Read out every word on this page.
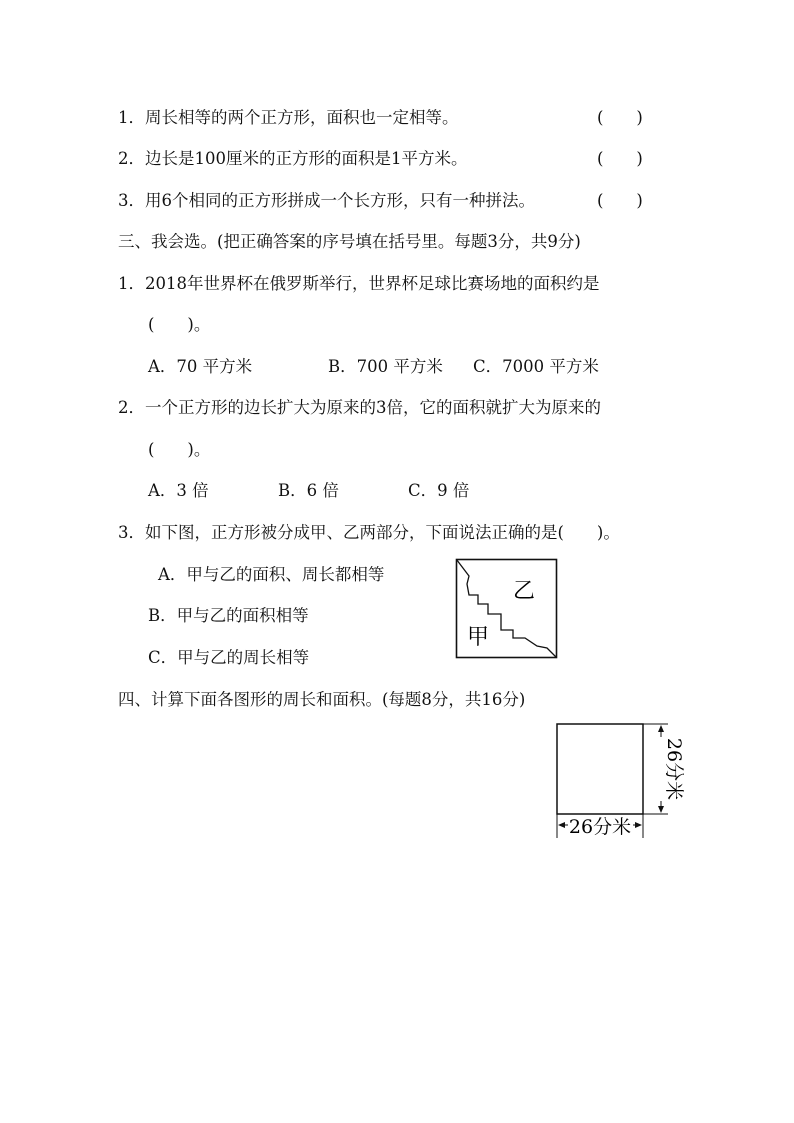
1．周长相等的两个正方形，面积也一定相等。	(　　)
2．边长是100厘米的正方形的面积是1平方米。	(　　)
3．用6个相同的正方形拼成一个长方形，只有一种拼法。	(　　)
三、我会选。(把正确答案的序号填在括号里。每题3分，共9分)
1．2018年世界杯在俄罗斯举行，世界杯足球比赛场地的面积约是
(　　)。
A．70 平方米	B．700 平方米 C．7000 平方米
2．一个正方形的边长扩大为原来的3倍，它的面积就扩大为原来的
(　　)。
A．3 倍	B．6 倍	C．9 倍
3．如下图，正方形被分成甲、乙两部分，下面说法正确的是(　　)。
A．甲与乙的面积、周长都相等
B．甲与乙的面积相等
C．甲与乙的周长相等
乙
甲
四、计算下面各图形的周长和面积。(每题8分，共16分)
26分米
26分米
